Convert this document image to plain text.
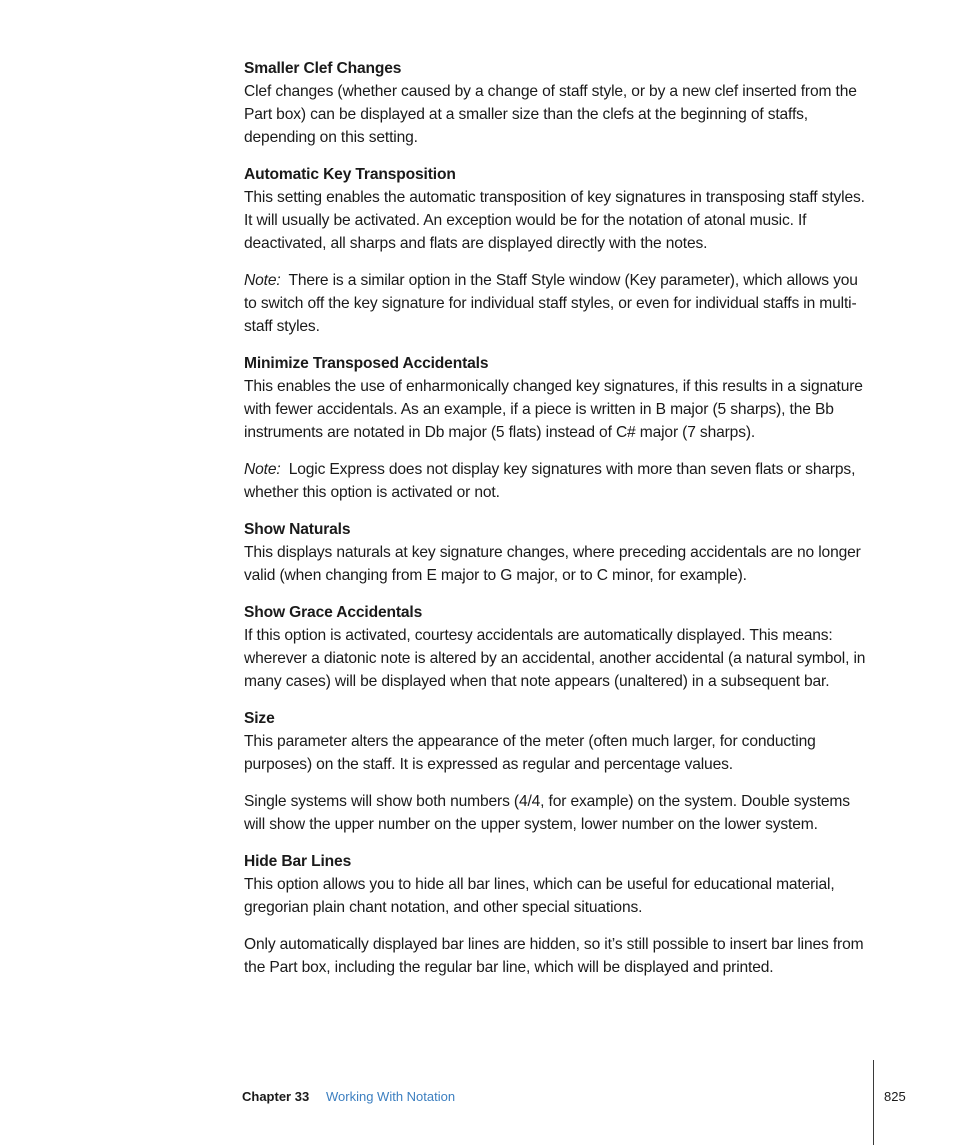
Smaller Clef Changes

Clef changes (whether caused by a change of staff style, or by a new clef inserted from the Part box) can be displayed at a smaller size than the clefs at the beginning of staffs, depending on this setting.

Automatic Key Transposition

This setting enables the automatic transposition of key signatures in transposing staff styles. It will usually be activated. An exception would be for the notation of atonal music. If deactivated, all sharps and flats are displayed directly with the notes.

Note: There is a similar option in the Staff Style window (Key parameter), which allows you to switch off the key signature for individual staff styles, or even for individual staffs in multi-staff styles.

Minimize Transposed Accidentals

This enables the use of enharmonically changed key signatures, if this results in a signature with fewer accidentals. As an example, if a piece is written in B major (5 sharps), the Bb instruments are notated in Db major (5 flats) instead of C# major (7 sharps).

Note: Logic Express does not display key signatures with more than seven flats or sharps, whether this option is activated or not.

Show Naturals

This displays naturals at key signature changes, where preceding accidentals are no longer valid (when changing from E major to G major, or to C minor, for example).

Show Grace Accidentals

If this option is activated, courtesy accidentals are automatically displayed. This means: wherever a diatonic note is altered by an accidental, another accidental (a natural symbol, in many cases) will be displayed when that note appears (unaltered) in a subsequent bar.

Size

This parameter alters the appearance of the meter (often much larger, for conducting purposes) on the staff. It is expressed as regular and percentage values.

Single systems will show both numbers (4/4, for example) on the system. Double systems will show the upper number on the upper system, lower number on the lower system.

Hide Bar Lines

This option allows you to hide all bar lines, which can be useful for educational material, gregorian plain chant notation, and other special situations.

Only automatically displayed bar lines are hidden, so it’s still possible to insert bar lines from the Part box, including the regular bar line, which will be displayed and printed.

Chapter 33 Working With Notation	825
